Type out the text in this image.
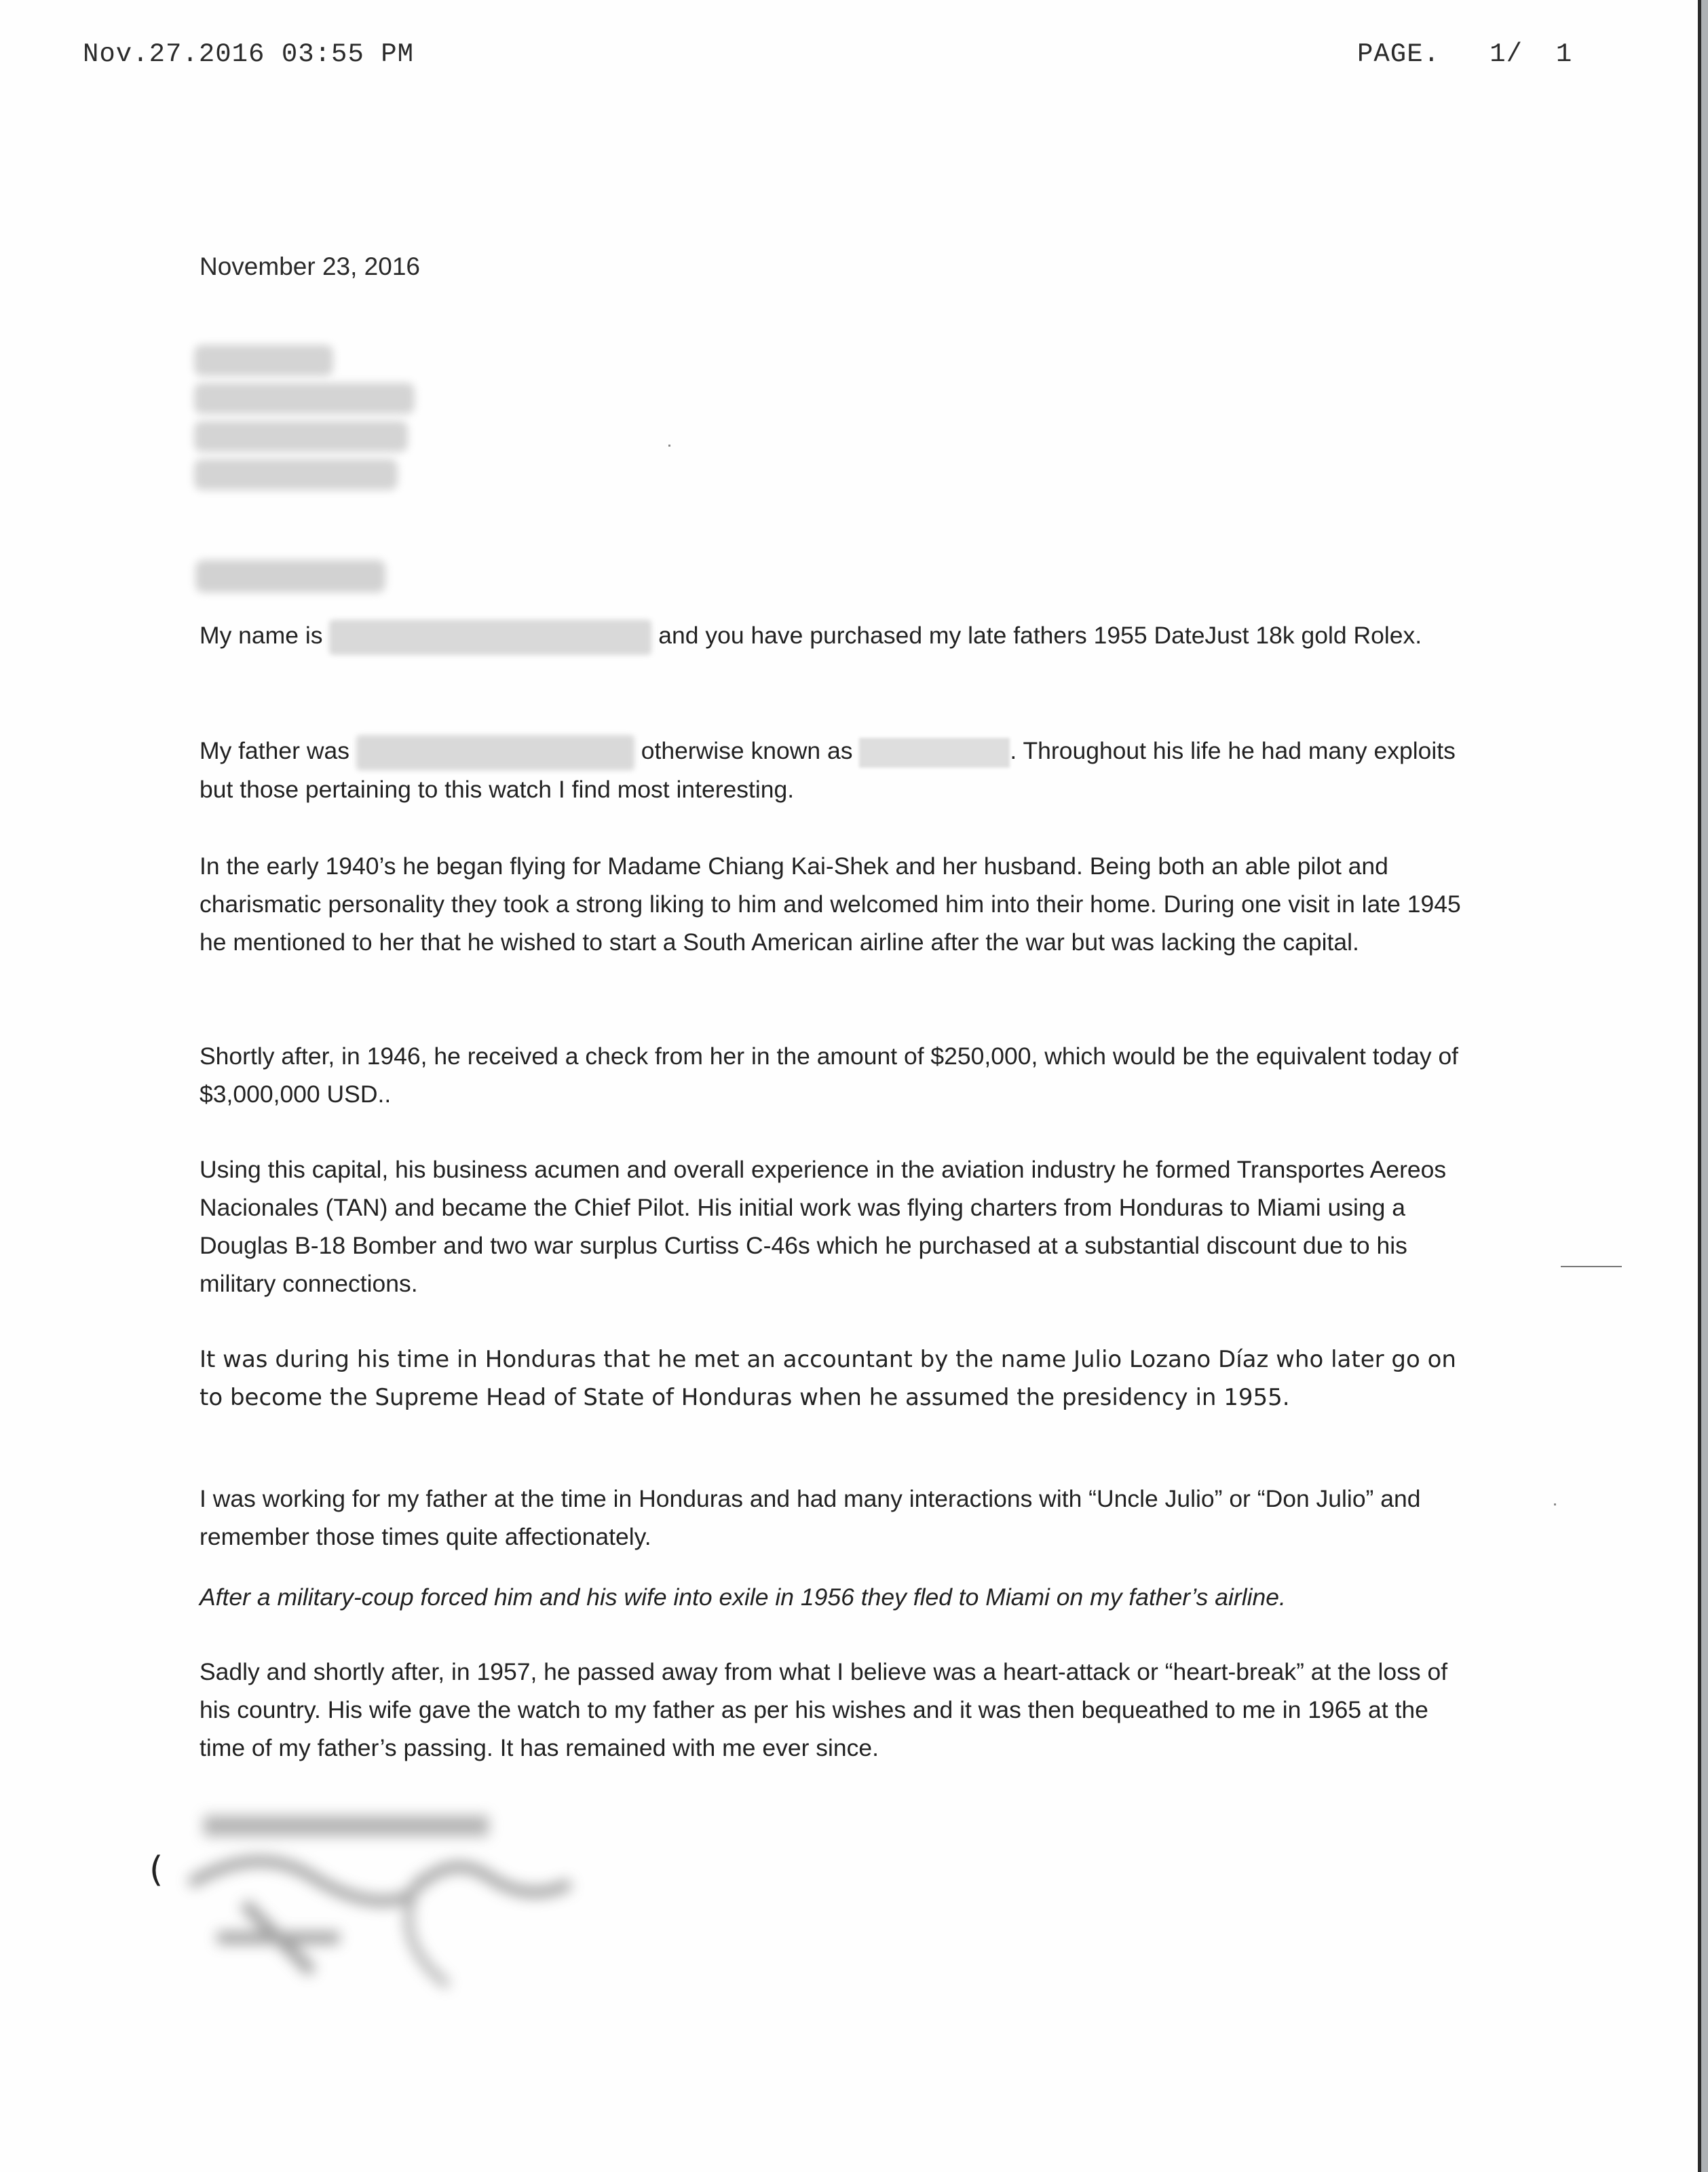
Nov.27.2016 03:55 PM	PAGE. 1/  1
November 23, 2016
My name is	and you have purchased my late fathers 1955 DateJust 18k gold Rolex.
My father was	otherwise known as	. Throughout his life he had many exploits but those pertaining to this watch I find most interesting.
In the early 1940’s he began flying for Madame Chiang Kai-Shek and her husband. Being both an able pilot and charismatic personality they took a strong liking to him and welcomed him into their home. During one visit in late 1945 he mentioned to her that he wished to start a South American airline after the war but was lacking the capital.
Shortly after, in 1946, he received a check from her in the amount of $250,000, which would be the equivalent today of $3,000,000 USD..
Using this capital, his business acumen and overall experience in the aviation industry he formed Transportes Aereos Nacionales (TAN) and became the Chief Pilot. His initial work was flying charters from Honduras to Miami using a Douglas B-18 Bomber and two war surplus Curtiss C-46s which he purchased at a substantial discount due to his military connections.
It was during his time in Honduras that he met an accountant by the name Julio Lozano Díaz who later go on to become the Supreme Head of State of Honduras when he assumed the presidency in 1955.
I was working for my father at the time in Honduras and had many interactions with “Uncle Julio” or “Don Julio” and remember those times quite affectionately.
After a military-coup forced him and his wife into exile in 1956 they fled to Miami on my father’s airline.
Sadly and shortly after, in 1957, he passed away from what I believe was a heart-attack or “heart-break” at the loss of his country. His wife gave the watch to my father as per his wishes and it was then bequeathed to me in 1965 at the time of my father’s passing. It has remained with me ever since.
(
